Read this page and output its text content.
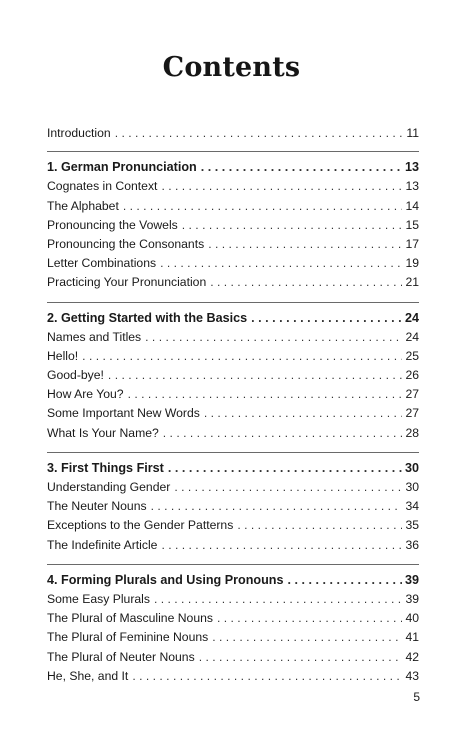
Contents
Introduction . . .	11
1. German Pronunciation . . .	13
Cognates in Context . . .	13
The Alphabet . . .	14
Pronouncing the Vowels . . .	15
Pronouncing the Consonants . . .	17
Letter Combinations . . .	19
Practicing Your Pronunciation . . .	21
2. Getting Started with the Basics . . .	24
Names and Titles . . .	24
Hello! . . .	25
Good-bye! . . .	26
How Are You? . . .	27
Some Important New Words . . .	27
What Is Your Name? . . .	28
3. First Things First . . .	30
Understanding Gender . . .	30
The Neuter Nouns . . .	34
Exceptions to the Gender Patterns . . .	35
The Indefinite Article . . .	36
4. Forming Plurals and Using Pronouns . . .	39
Some Easy Plurals . . .	39
The Plural of Masculine Nouns . . .	40
The Plural of Feminine Nouns . . .	41
The Plural of Neuter Nouns . . .	42
He, She, and It . . .	43
5
